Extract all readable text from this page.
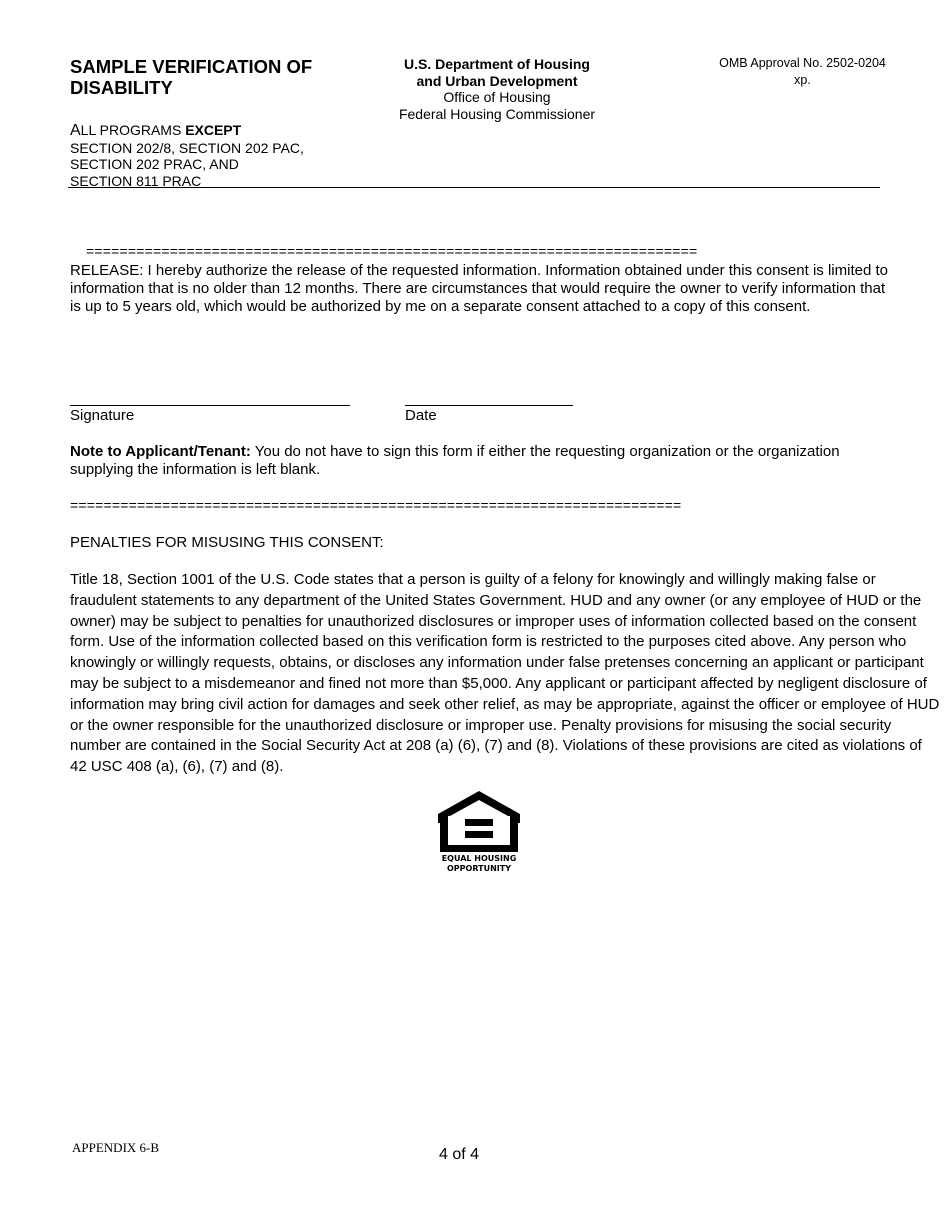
SAMPLE VERIFICATION OF DISABILITY
ALL PROGRAMS EXCEPT
SECTION 202/8, SECTION 202 PAC,
SECTION 202 PRAC, AND
SECTION 811 PRAC
U.S. Department of Housing
and Urban Development
Office of Housing
Federal Housing Commissioner
OMB Approval No. 2502-0204
xp.
=========================================================================
RELEASE: I hereby authorize the release of the requested information. Information obtained under this consent is limited to information that is no older than 12 months. There are circumstances that would require the owner to verify information that is up to 5 years old, which would be authorized by me on a separate consent attached to a copy of this consent.
Signature	Date
Note to Applicant/Tenant: You do not have to sign this form if either the requesting organization or the organization supplying the information is left blank.
=========================================================================
PENALTIES FOR MISUSING THIS CONSENT:
Title 18, Section 1001 of the U.S. Code states that a person is guilty of a felony for knowingly and willingly making false or fraudulent statements to any department of the United States Government. HUD and any owner (or any employee of HUD or the owner) may be subject to penalties for unauthorized disclosures or improper uses of information collected based on the consent form. Use of the information collected based on this verification form is restricted to the purposes cited above. Any person who knowingly or willingly requests, obtains, or discloses any information under false pretenses concerning an applicant or participant may be subject to a misdemeanor and fined not more than $5,000. Any applicant or participant affected by negligent disclosure of information may bring civil action for damages and seek other relief, as may be appropriate, against the officer or employee of HUD or the owner responsible for the unauthorized disclosure or improper use. Penalty provisions for misusing the social security number are contained in the Social Security Act at 208 (a) (6), (7) and (8). Violations of these provisions are cited as violations of 42 USC 408 (a), (6), (7) and (8).
EQUAL HOUSING
OPPORTUNITY
APPENDIX 6-B	4 of 4
